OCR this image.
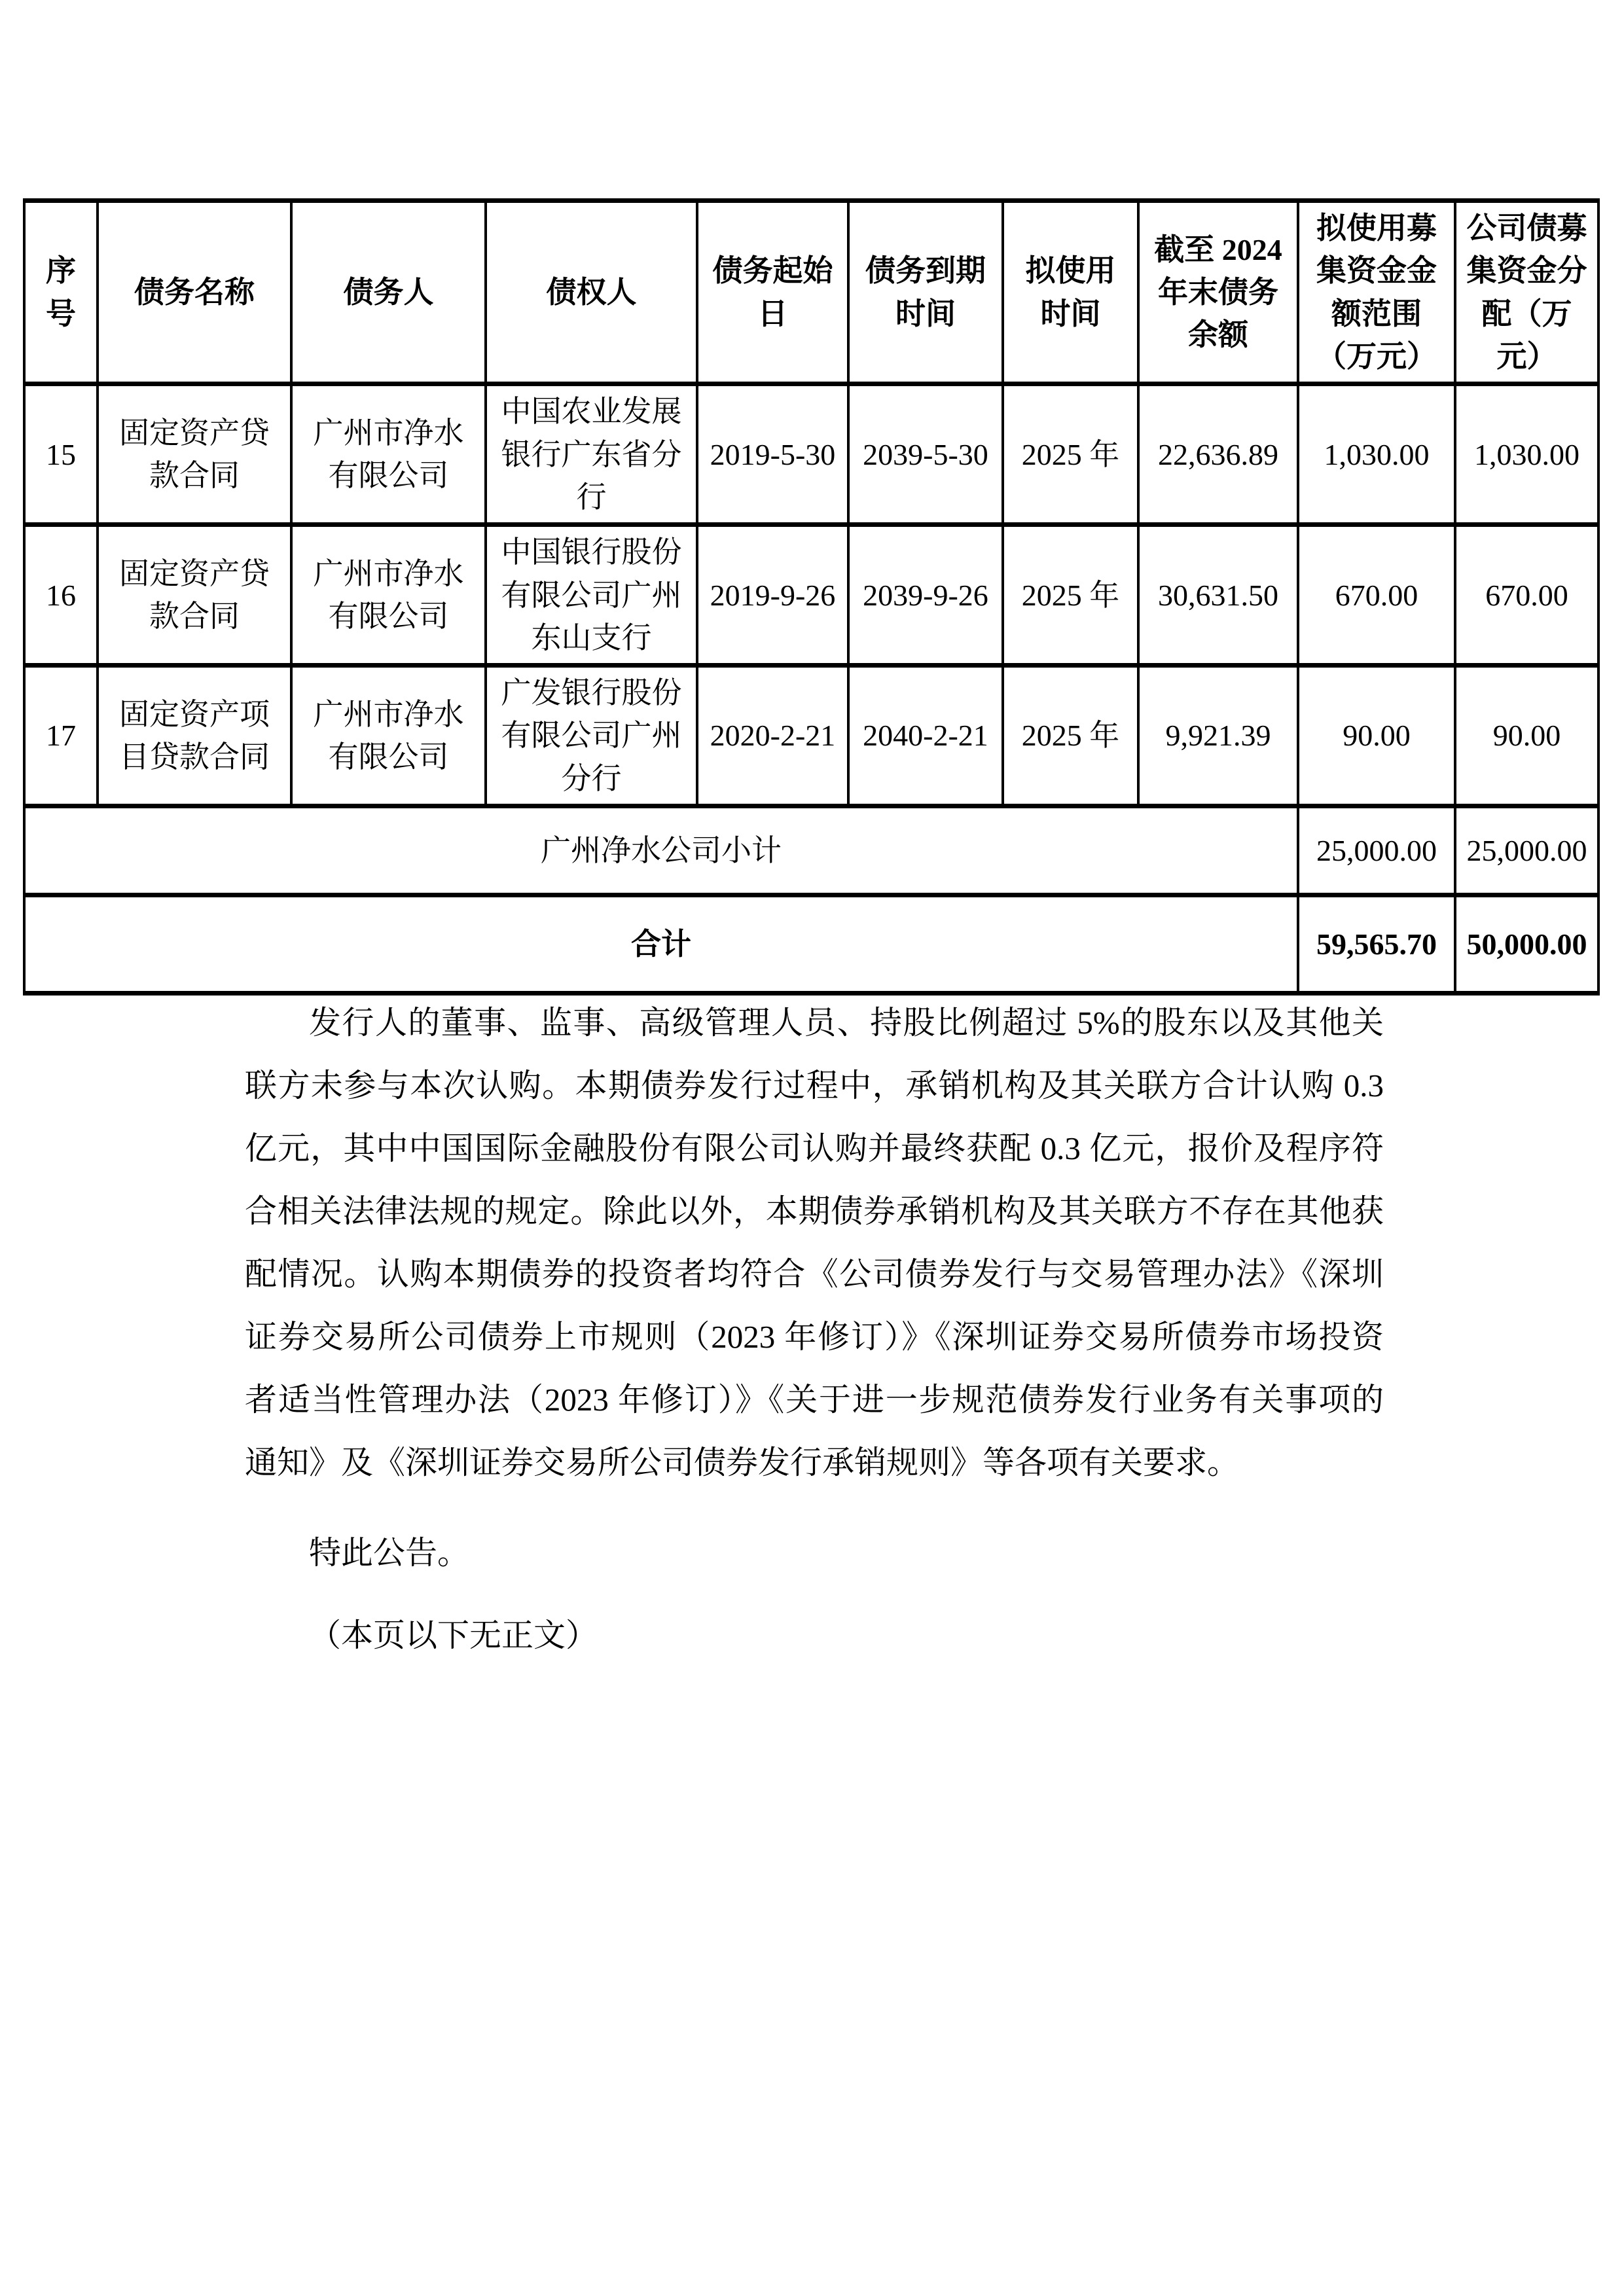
序号	债务名称	债务人	债权人	债务起始日	债务到期时间	拟使用时间	截至 2024 年末债务余额	拟使用募集资金金额范围（万元）	公司债募集资金分配（万元）
15	固定资产贷款合同	广州市净水有限公司	中国农业发展银行广东省分行	2019-5-30	2039-5-30	2025 年	22,636.89	1,030.00	1,030.00
16	固定资产贷款合同	广州市净水有限公司	中国银行股份有限公司广州东山支行	2019-9-26	2039-9-26	2025 年	30,631.50	670.00	670.00
17	固定资产项目贷款合同	广州市净水有限公司	广发银行股份有限公司广州分行	2020-2-21	2040-2-21	2025 年	9,921.39	90.00	90.00
广州净水公司小计								25,000.00	25,000.00
合计								59,565.70	50,000.00
发行人的董事、监事、高级管理人员、持股比例超过 5%的股东以及其他关
联方未参与本次认购。本期债券发行过程中，承销机构及其关联方合计认购 0.3
亿元，其中中国国际金融股份有限公司认购并最终获配 0.3 亿元，报价及程序符
合相关法律法规的规定。除此以外，本期债券承销机构及其关联方不存在其他获
配情况。认购本期债券的投资者均符合《公司债券发行与交易管理办法》《深圳
证券交易所公司债券上市规则（2023 年修订）》《深圳证券交易所债券市场投资
者适当性管理办法（2023 年修订）》《关于进一步规范债券发行业务有关事项的
通知》及《深圳证券交易所公司债券发行承销规则》等各项有关要求。
特此公告。
（本页以下无正文）
